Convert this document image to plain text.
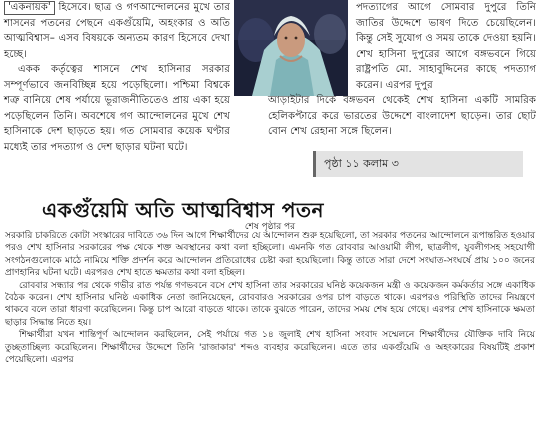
'একনায়ক' হিসেবে। ছাত্র ও গণআন্দোলনের মুখে তার শাসনের পতনের পেছনে একগুঁয়েমি, অহংকার ও অতি আত্মবিশ্বাস– এসব বিষয়কে অন্যতম কারণ হিসেবে দেখা হচ্ছে।

একক কর্তৃত্বের শাসনে শেখ হাসিনার সরকার সম্পূর্ণভাবে জনবিচ্ছিন্ন হয়ে পড়েছিলো। পশ্চিমা বিশ্বকে শত্রু বানিয়ে শেষ পর্যায়ে ভূরাজনীতিতেও প্রায় একা হয়ে পড়েছিলেন তিনি। অবশেষে গণ আন্দোলনের মুখে শেখ হাসিনাকে দেশ ছাড়তে হয়। গত সোমবার কয়েক ঘণ্টার মধ্যেই তার পদত্যাগ ও দেশ ছাড়ার ঘটনা ঘটে।

পদত্যাগের আগে সোমবার দুপুরে তিনি জাতির উদ্দেশে ভাষণ দিতে চেয়েছিলেন। কিন্তু সেই সুযোগ ও সময় তাকে দেওয়া হয়নি। শেখ হাসিনা দুপুরের আগে বঙ্গভবনে গিয়ে রাষ্ট্রপতি মো. সাহাবুদ্দিনের কাছে পদত্যাগ করেন। এরপর দুপুর

আড়াইটার দিকে বঙ্গভবন থেকেই শেখ হাসিনা একটি সামরিক হেলিকপ্টারে করে ভারতের উদ্দেশে বাংলাদেশ ছাড়েন। তার ছোট বোন শেখ রেহানা সঙ্গে ছিলেন।

পৃষ্ঠা ১১ কলাম ৩
একগুঁয়েমি অতি আত্মবিশ্বাস পতন
শেষ পৃষ্ঠার পর

সরকারি চাকরিতে কোটা সংস্কারের দাবিতে ৩৬ দিন আগে শিক্ষার্থীদের যে আন্দোলন শুরু হয়েছিলো, তা সরকার পতনের আন্দোলনে রূপান্তরিত হওয়ার পরও শেখ হাসিনার সরকারের পক্ষ থেকে শক্ত অবস্থানের কথা বলা হচ্ছিলো। এমনকি গত রোববার আওয়ামী লীগ, ছাত্রলীগ, যুবলীগসহ সহযোগী সংগঠনগুলোকে মাঠে নামিয়ে শক্তি প্রদর্শন করে আন্দোলন প্রতিরোধের চেষ্টা করা হয়েছিলো। কিন্তু তাতে সারা দেশে সংঘাত-সংঘর্ষে প্রায় ১০০ জনের প্রাণহানির ঘটনা ঘটে। এরপরও শেখ হাতে ক্ষমতার কথা বলা হচ্ছিল।

রোববার সন্ধ্যার পর থেকে গভীর রাত পর্যন্ত গণভবনে বসে শেখ হাসিনা তার সরকারের ঘনিষ্ঠ কয়েকজন মন্ত্রী ও কয়েকজন কর্মকর্তার সঙ্গে একাধিক বৈঠক করেন। শেখ হাসিনার ঘনিষ্ঠ একাধিক নেতা জানিয়েছেন, রোববারও সরকারের ওপর চাপ বাড়তে থাকে। এরপরও পরিস্থিতি তাদের নিয়ন্ত্রণে থাকবে বলে তারা ধারণা করেছিলেন। কিন্তু চাপ আরো বাড়তে থাকে। তাকে বুঝতে পারেন, তাদের সময় শেষ হয়ে গেছে। এরপর শেখ হাসিনাকে ক্ষমতা ছাড়ার সিদ্ধান্ত নিতে হয়।

শিক্ষার্থীরা যখন শান্তিপূর্ণ আন্দোলন করছিলেন, সেই পর্যায়ে গত ১৪ জুলাই শেখ হাসিনা সংবাদ সম্মেলনে শিক্ষার্থীদের যৌক্তিক দাবি নিয়ে তুচ্ছতাচ্ছিল্য করেছিলেন। শিক্ষার্থীদের উদ্দেশে তিনি 'রাজাকার' শব্দও ব্যবহার করেছিলেন। এতে তার একগুঁয়েমি ও অহংকারের বিষয়টিই প্রকাশ পেয়েছিলো। এরপর
